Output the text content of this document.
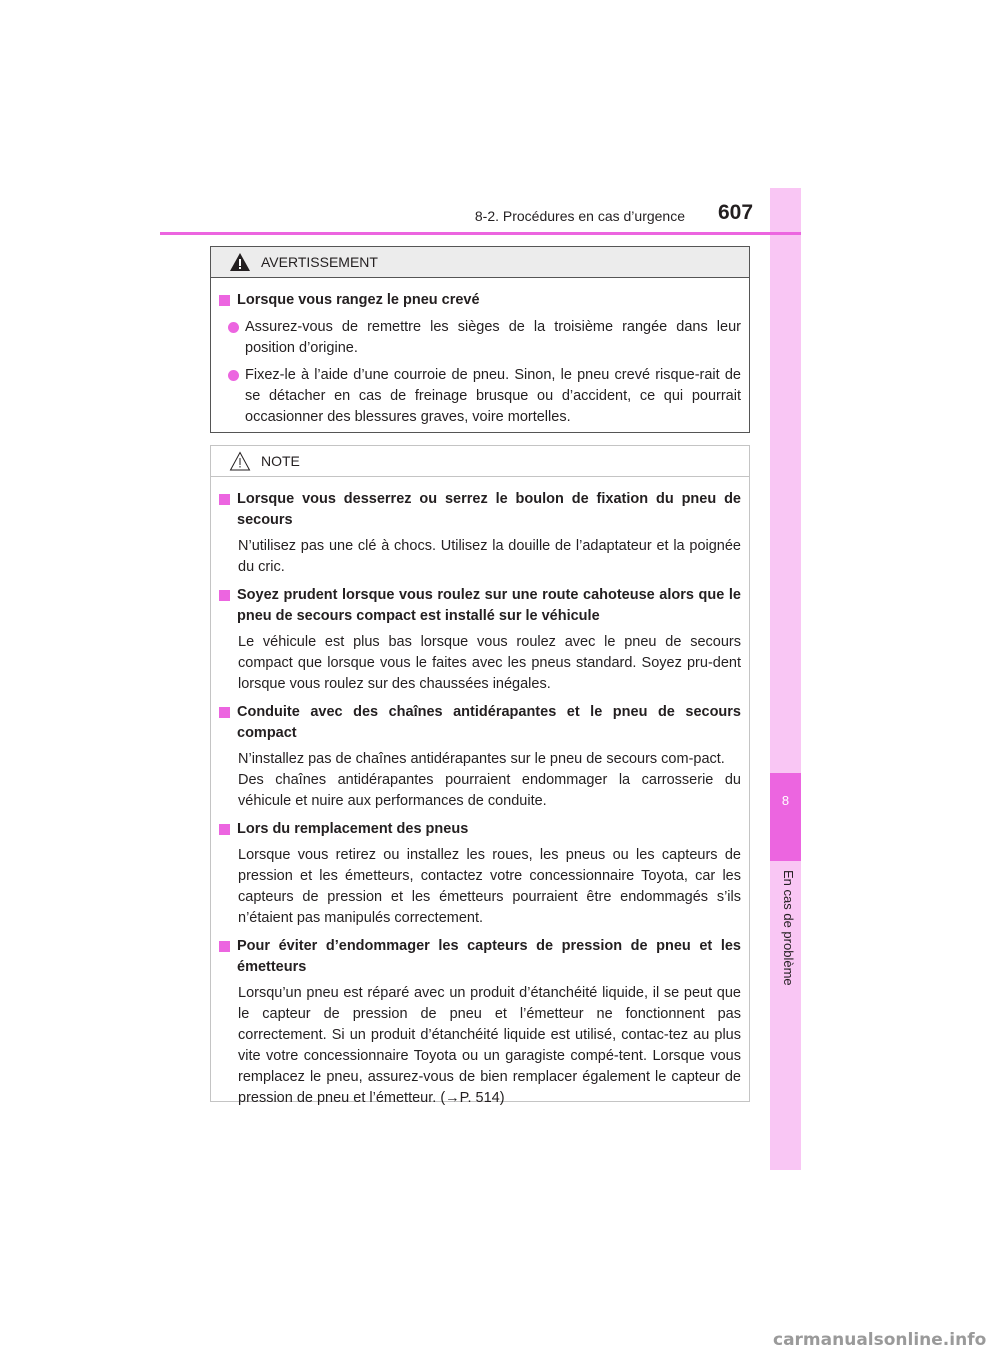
8
En cas de problème
8-2. Procédures en cas d’urgence 607
AVERTISSEMENT
Lorsque vous rangez le pneu crevé
Assurez-vous de remettre les sièges de la troisième rangée dans leur position d’origine.
Fixez-le à l’aide d’une courroie de pneu. Sinon, le pneu crevé risque-rait de se détacher en cas de freinage brusque ou d’accident, ce qui pourrait occasionner des blessures graves, voire mortelles.
NOTE
Lorsque vous desserrez ou serrez le boulon de fixation du pneu de secours
N’utilisez pas une clé à chocs. Utilisez la douille de l’adaptateur et la poignée du cric.
Soyez prudent lorsque vous roulez sur une route cahoteuse alors que le pneu de secours compact est installé sur le véhicule
Le véhicule est plus bas lorsque vous roulez avec le pneu de secours compact que lorsque vous le faites avec les pneus standard. Soyez pru-dent lorsque vous roulez sur des chaussées inégales.
Conduite avec des chaînes antidérapantes et le pneu de secours compact
N’installez pas de chaînes antidérapantes sur le pneu de secours com-pact.
Des chaînes antidérapantes pourraient endommager la carrosserie du véhicule et nuire aux performances de conduite.
Lors du remplacement des pneus
Lorsque vous retirez ou installez les roues, les pneus ou les capteurs de pression et les émetteurs, contactez votre concessionnaire Toyota, car les capteurs de pression et les émetteurs pourraient être endommagés s’ils n’étaient pas manipulés correctement.
Pour éviter d’endommager les capteurs de pression de pneu et les émetteurs
Lorsqu’un pneu est réparé avec un produit d’étanchéité liquide, il se peut que le capteur de pression de pneu et l’émetteur ne fonctionnent pas correctement. Si un produit d’étanchéité liquide est utilisé, contac-tez au plus vite votre concessionnaire Toyota ou un garagiste compé-tent. Lorsque vous remplacez le pneu, assurez-vous de bien remplacer également le capteur de pression de pneu et l’émetteur. (→P. 514)
carmanualsonline.info
